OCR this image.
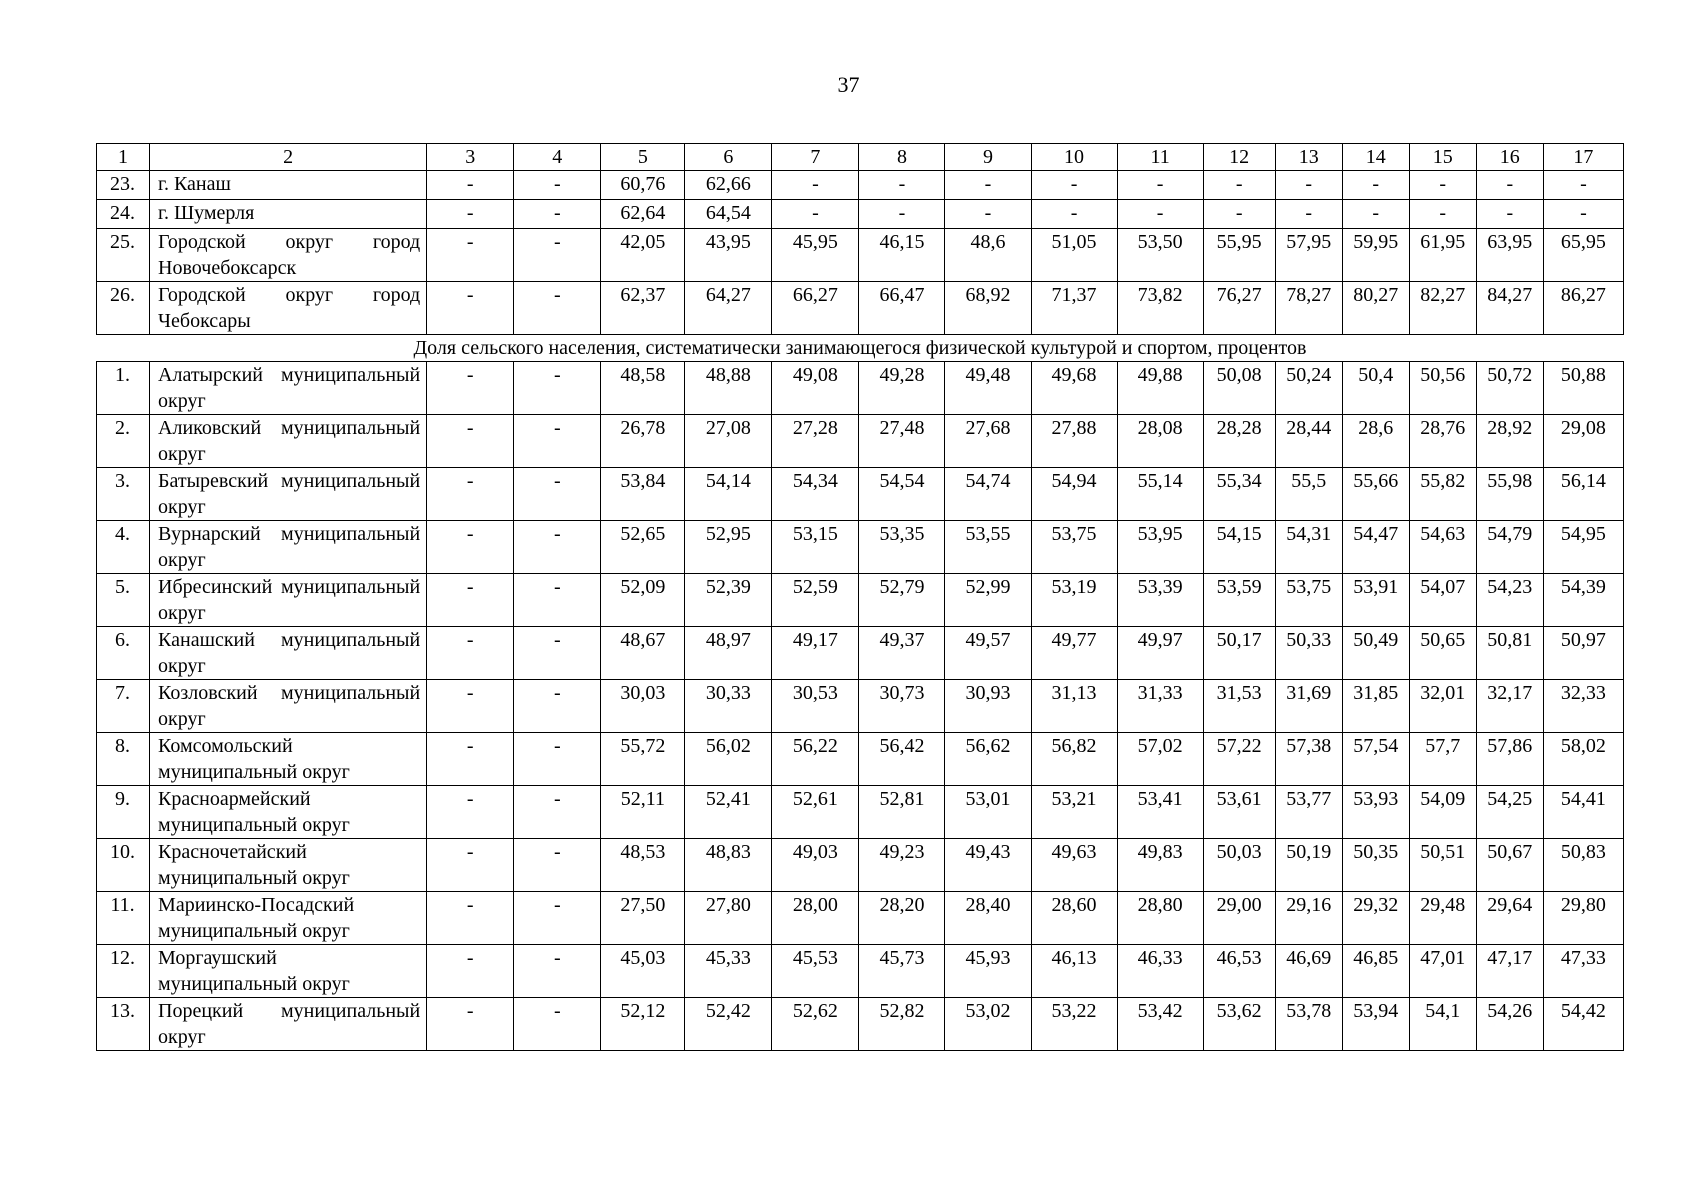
37
1	2	3	4	5	6	7	8	9	10	11	12	13	14	15	16	17
23.	г. Канаш	-	-	60,76	62,66	-	-	-	-	-	-	-	-	-	-	-
24.	г. Шумерля	-	-	62,64	64,54	-	-	-	-	-	-	-	-	-	-	-
25.	Городской округ город Новочебоксарск	-	-	42,05	43,95	45,95	46,15	48,6	51,05	53,50	55,95	57,95	59,95	61,95	63,95	65,95
26.	Городской округ город Чебоксары	-	-	62,37	64,27	66,27	66,47	68,92	71,37	73,82	76,27	78,27	80,27	82,27	84,27	86,27
Доля сельского населения, систематически занимающегося физической культурой и спортом, процентов																
1.	Алатырский муниципальный округ	-	-	48,58	48,88	49,08	49,28	49,48	49,68	49,88	50,08	50,24	50,4	50,56	50,72	50,88
2.	Аликовский муниципальный округ	-	-	26,78	27,08	27,28	27,48	27,68	27,88	28,08	28,28	28,44	28,6	28,76	28,92	29,08
3.	Батыревский муниципальный округ	-	-	53,84	54,14	54,34	54,54	54,74	54,94	55,14	55,34	55,5	55,66	55,82	55,98	56,14
4.	Вурнарский муниципальный округ	-	-	52,65	52,95	53,15	53,35	53,55	53,75	53,95	54,15	54,31	54,47	54,63	54,79	54,95
5.	Ибресинский муниципальный округ	-	-	52,09	52,39	52,59	52,79	52,99	53,19	53,39	53,59	53,75	53,91	54,07	54,23	54,39
6.	Канашский муниципальный округ	-	-	48,67	48,97	49,17	49,37	49,57	49,77	49,97	50,17	50,33	50,49	50,65	50,81	50,97
7.	Козловский муниципальный округ	-	-	30,03	30,33	30,53	30,73	30,93	31,13	31,33	31,53	31,69	31,85	32,01	32,17	32,33
8.	Комсомольский муниципальный округ	-	-	55,72	56,02	56,22	56,42	56,62	56,82	57,02	57,22	57,38	57,54	57,7	57,86	58,02
9.	Красноармейский муниципальный округ	-	-	52,11	52,41	52,61	52,81	53,01	53,21	53,41	53,61	53,77	53,93	54,09	54,25	54,41
10.	Красночетайский муниципальный округ	-	-	48,53	48,83	49,03	49,23	49,43	49,63	49,83	50,03	50,19	50,35	50,51	50,67	50,83
11.	Мариинско-Посадский муниципальный округ	-	-	27,50	27,80	28,00	28,20	28,40	28,60	28,80	29,00	29,16	29,32	29,48	29,64	29,80
12.	Моргаушский муниципальный округ	-	-	45,03	45,33	45,53	45,73	45,93	46,13	46,33	46,53	46,69	46,85	47,01	47,17	47,33
13.	Порецкий муниципальный округ	-	-	52,12	52,42	52,62	52,82	53,02	53,22	53,42	53,62	53,78	53,94	54,1	54,26	54,42
